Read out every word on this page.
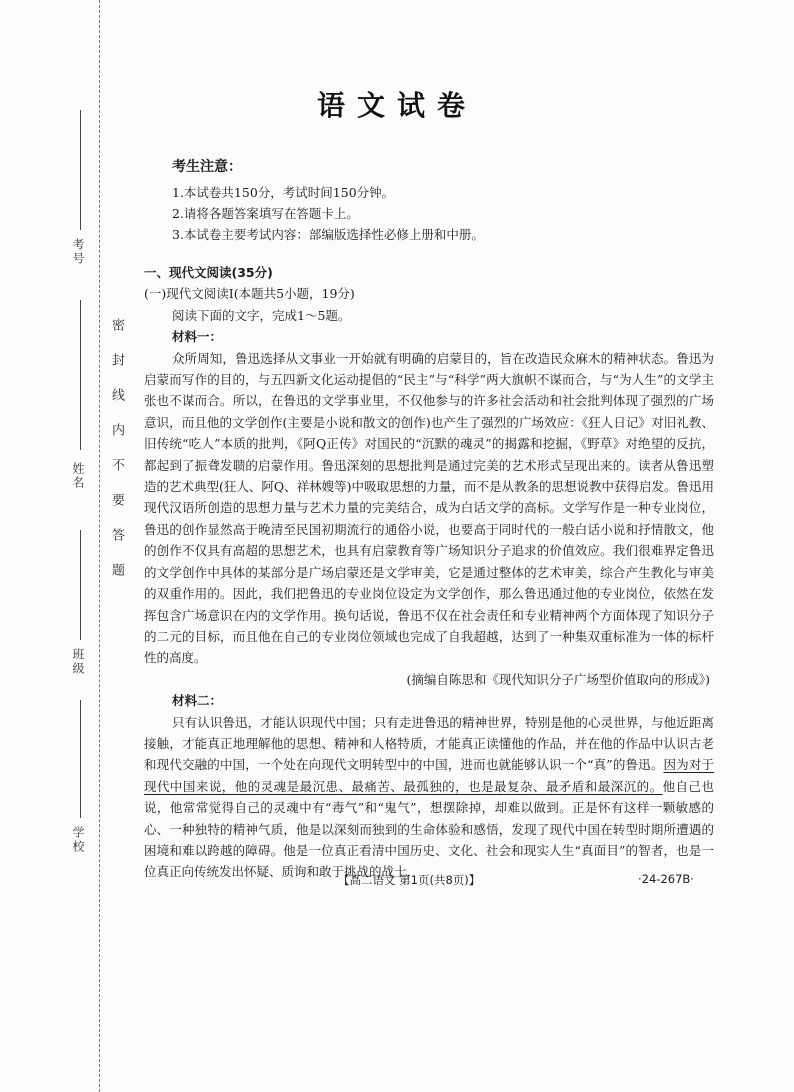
考号
姓名
班级
学校
密封线内不要答题
语文试卷
考生注意：
1.本试卷共150分，考试时间150分钟。
2.请将各题答案填写在答题卡上。
3.本试卷主要考试内容：部编版选择性必修上册和中册。
一、现代文阅读(35分)
(一)现代文阅读Ⅰ(本题共5小题，19分)
阅读下面的文字，完成1～5题。
材料一：

众所周知，鲁迅选择从文事业一开始就有明确的启蒙目的，旨在改造民众麻木的精神状态。鲁迅为启蒙而写作的目的，与五四新文化运动提倡的“民主”与“科学”两大旗帜不谋而合，与“为人生”的文学主张也不谋而合。所以，在鲁迅的文学事业里，不仅他参与的许多社会活动和社会批判体现了强烈的广场意识，而且他的文学创作(主要是小说和散文的创作)也产生了强烈的广场效应：《狂人日记》对旧礼教、旧传统“吃人”本质的批判，《阿Q正传》对国民的“沉默的魂灵”的揭露和挖掘，《野草》对绝望的反抗，都起到了振聋发聩的启蒙作用。鲁迅深刻的思想批判是通过完美的艺术形式呈现出来的。读者从鲁迅塑造的艺术典型(狂人、阿Q、祥林嫂等)中吸取思想的力量，而不是从教条的思想说教中获得启发。鲁迅用现代汉语所创造的思想力量与艺术力量的完美结合，成为白话文学的高标。文学写作是一种专业岗位，鲁迅的创作显然高于晚清至民国初期流行的通俗小说，也要高于同时代的一般白话小说和抒情散文，他的创作不仅具有高超的思想艺术，也具有启蒙教育等广场知识分子追求的价值效应。我们很难界定鲁迅的文学创作中具体的某部分是广场启蒙还是文学审美，它是通过整体的艺术审美，综合产生教化与审美的双重作用的。因此，我们把鲁迅的专业岗位设定为文学创作，那么鲁迅通过他的专业岗位，依然在发挥包含广场意识在内的文学作用。换句话说，鲁迅不仅在社会责任和专业精神两个方面体现了知识分子的二元的目标，而且他在自己的专业岗位领域也完成了自我超越，达到了一种集双重标准为一体的标杆性的高度。

(摘编自陈思和《现代知识分子广场型价值取向的形成》)
材料二：

只有认识鲁迅，才能认识现代中国；只有走进鲁迅的精神世界，特别是他的心灵世界，与他近距离接触，才能真正地理解他的思想、精神和人格特质，才能真正读懂他的作品，并在他的作品中认识古老和现代交融的中国，一个处在向现代文明转型中的中国，进而也就能够认识一个“真”的鲁迅。因为对于现代中国来说，他的灵魂是最沉患、最痛苦、最孤独的，也是最复杂、最矛盾和最深沉的。他自己也说，他常常觉得自己的灵魂中有“毒气”和“鬼气”，想摆除掉，却难以做到。正是怀有这样一颗敏感的心、一种独特的精神气质，他是以深刻而独到的生命体验和感悟，发现了现代中国在转型时期所遭遇的困境和难以跨越的障碍。他是一位真正看清中国历史、文化、社会和现实人生“真面目”的智者，也是一位真正向传统发出怀疑、质询和敢于挑战的战士，

【高二语文 第1页(共8页)】	·24-267B·
